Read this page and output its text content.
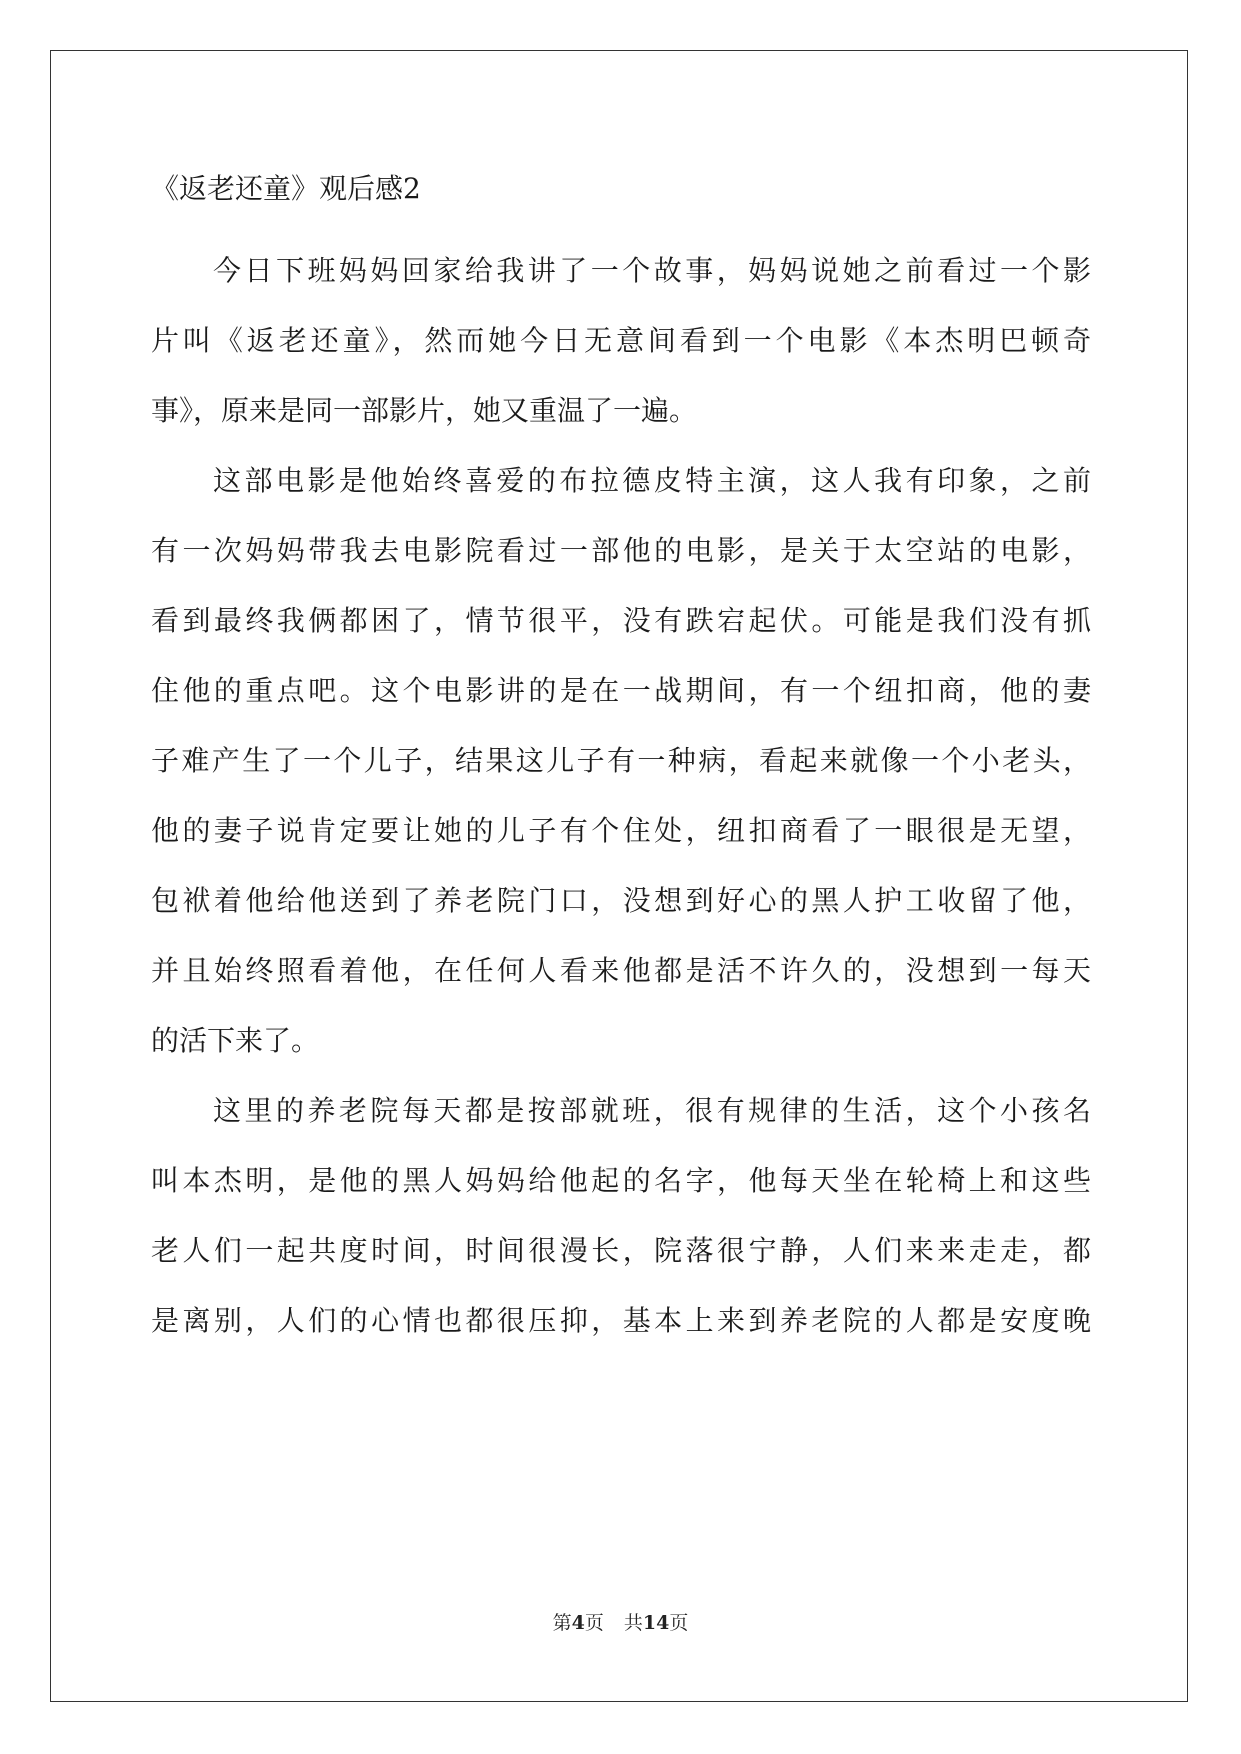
《返老还童》观后感2
今日下班妈妈回家给我讲了一个故事，妈妈说她之前看过一个影
片叫《返老还童》，然而她今日无意间看到一个电影《本杰明巴顿奇
事》，原来是同一部影片，她又重温了一遍。
这部电影是他始终喜爱的布拉德皮特主演，这人我有印象，之前
有一次妈妈带我去电影院看过一部他的电影，是关于太空站的电影，
看到最终我俩都困了，情节很平，没有跌宕起伏。可能是我们没有抓
住他的重点吧。这个电影讲的是在一战期间，有一个纽扣商，他的妻
子难产生了一个儿子，结果这儿子有一种病，看起来就像一个小老头，
他的妻子说肯定要让她的儿子有个住处，纽扣商看了一眼很是无望，
包袱着他给他送到了养老院门口，没想到好心的黑人护工收留了他，
并且始终照看着他，在任何人看来他都是活不许久的，没想到一每天
的活下来了。
这里的养老院每天都是按部就班，很有规律的生活，这个小孩名
叫本杰明，是他的黑人妈妈给他起的名字，他每天坐在轮椅上和这些
老人们一起共度时间，时间很漫长，院落很宁静，人们来来走走，都
是离别，人们的心情也都很压抑，基本上来到养老院的人都是安度晚
第4页 共14页
